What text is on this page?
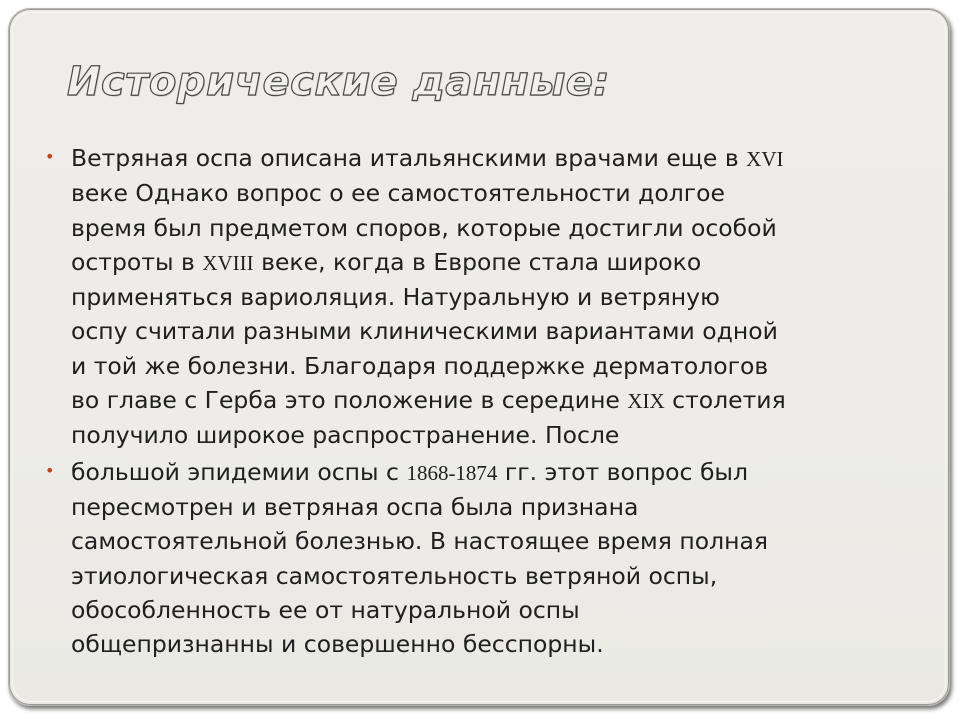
Исторические данные:
• Ветряная оспа описана итальянскими врачами еще в XVI
веке Однако вопрос о ее самостоятельности долгое
время был предметом споров, которые достигли особой
остроты в XVIII веке, когда в Европе стала широко
применяться вариоляция. Натуральную и ветряную
оспу считали разными клиническими вариантами одной
и той же болезни. Благодаря поддержке дерматологов
во главе с Герба это положение в середине XIX столетия
получило широкое распространение. После
• большой эпидемии оспы с 1868-1874 гг. этот вопрос был
пересмотрен и ветряная оспа была признана
самостоятельной болезнью. В настоящее время полная
этиологическая самостоятельность ветряной оспы,
обособленность ее от натуральной оспы
общепризнанны и совершенно бесспорны.
